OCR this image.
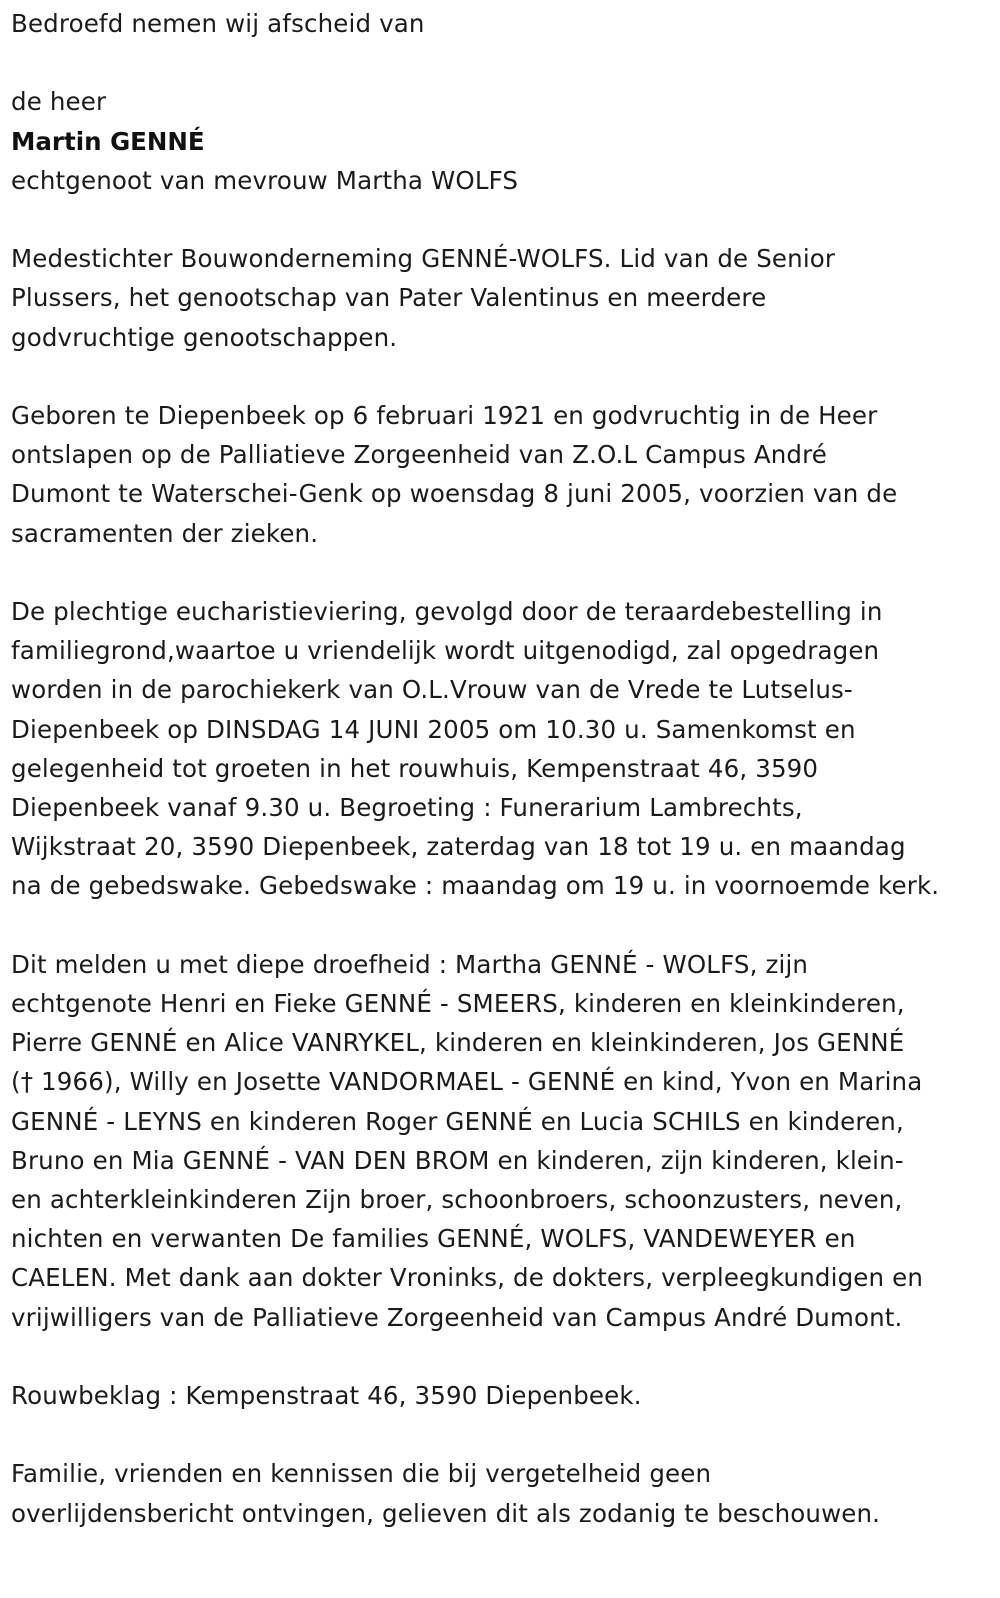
Bedroefd nemen wij afscheid van
de heer
Martin GENNÉ
echtgenoot van mevrouw Martha WOLFS
Medestichter Bouwonderneming GENNÉ-WOLFS. Lid van de Senior
Plussers, het genootschap van Pater Valentinus en meerdere
godvruchtige genootschappen.
Geboren te Diepenbeek op 6 februari 1921 en godvruchtig in de Heer
ontslapen op de Palliatieve Zorgeenheid van Z.O.L Campus André
Dumont te Waterschei-Genk op woensdag 8 juni 2005, voorzien van de
sacramenten der zieken.
De plechtige eucharistieviering, gevolgd door de teraardebestelling in
familiegrond,waartoe u vriendelijk wordt uitgenodigd, zal opgedragen
worden in de parochiekerk van O.L.Vrouw van de Vrede te Lutselus-
Diepenbeek op DINSDAG 14 JUNI 2005 om 10.30 u. Samenkomst en
gelegenheid tot groeten in het rouwhuis, Kempenstraat 46, 3590
Diepenbeek vanaf 9.30 u. Begroeting : Funerarium Lambrechts,
Wijkstraat 20, 3590 Diepenbeek, zaterdag van 18 tot 19 u. en maandag
na de gebedswake. Gebedswake : maandag om 19 u. in voornoemde kerk.
Dit melden u met diepe droefheid : Martha GENNÉ - WOLFS, zijn
echtgenote Henri en Fieke GENNÉ - SMEERS, kinderen en kleinkinderen,
Pierre GENNÉ en Alice VANRYKEL, kinderen en kleinkinderen, Jos GENNÉ
(† 1966), Willy en Josette VANDORMAEL - GENNÉ en kind, Yvon en Marina
GENNÉ - LEYNS en kinderen Roger GENNÉ en Lucia SCHILS en kinderen,
Bruno en Mia GENNÉ - VAN DEN BROM en kinderen, zijn kinderen, klein-
en achterkleinkinderen Zijn broer, schoonbroers, schoonzusters, neven,
nichten en verwanten De families GENNÉ, WOLFS, VANDEWEYER en
CAELEN. Met dank aan dokter Vroninks, de dokters, verpleegkundigen en
vrijwilligers van de Palliatieve Zorgeenheid van Campus André Dumont.
Rouwbeklag : Kempenstraat 46, 3590 Diepenbeek.
Familie, vrienden en kennissen die bij vergetelheid geen
overlijdensbericht ontvingen, gelieven dit als zodanig te beschouwen.
